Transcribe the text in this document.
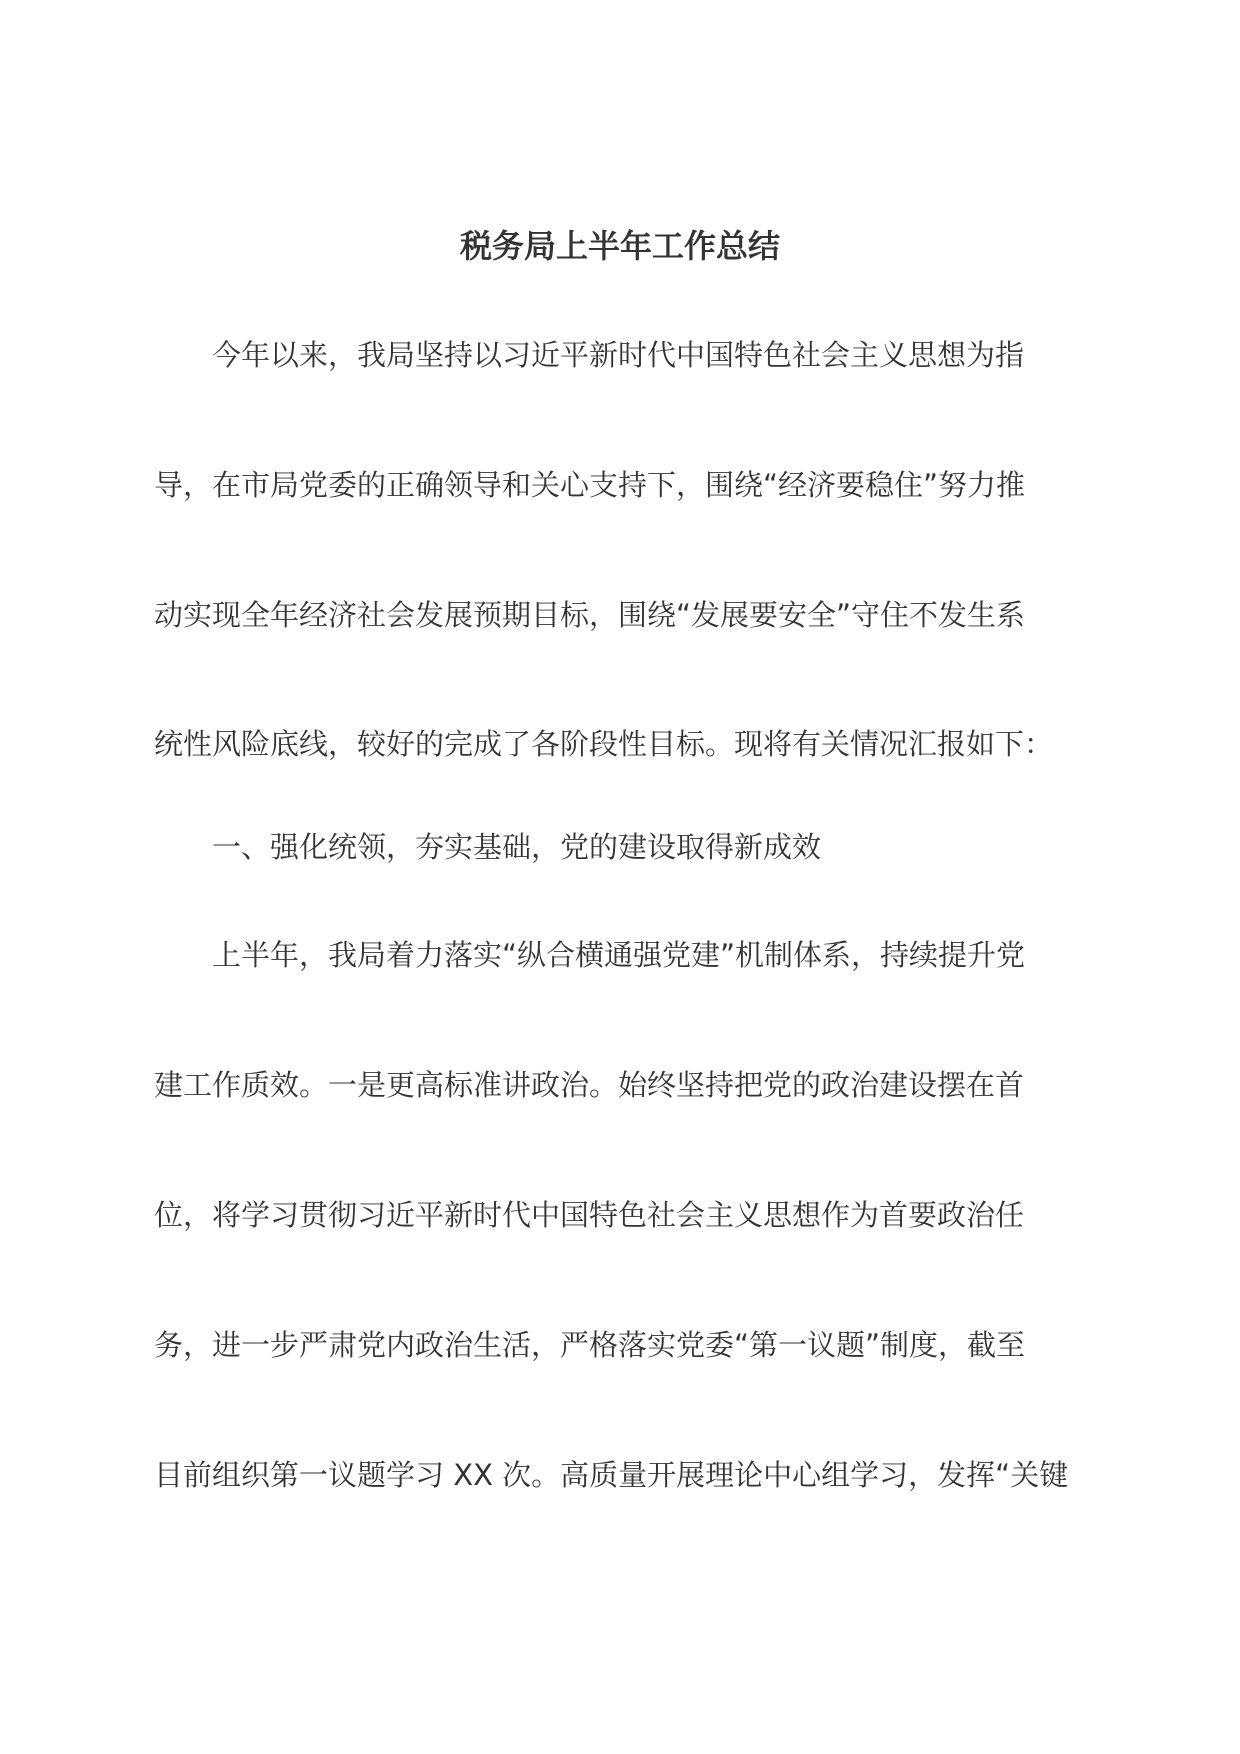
税务局上半年工作总结

今年以来，我局坚持以习近平新时代中国特色社会主义思想为指

导，在市局党委的正确领导和关心支持下，围绕“经济要稳住”努力推

动实现全年经济社会发展预期目标，围绕“发展要安全”守住不发生系

统性风险底线，较好的完成了各阶段性目标。现将有关情况汇报如下：

一、强化统领，夯实基础，党的建设取得新成效

上半年，我局着力落实“纵合横通强党建”机制体系，持续提升党

建工作质效。一是更高标准讲政治。始终坚持把党的政治建设摆在首

位，将学习贯彻习近平新时代中国特色社会主义思想作为首要政治任

务，进一步严肃党内政治生活，严格落实党委“第一议题”制度，截至

目前组织第一议题学习 XX 次。高质量开展理论中心组学习，发挥“关键
